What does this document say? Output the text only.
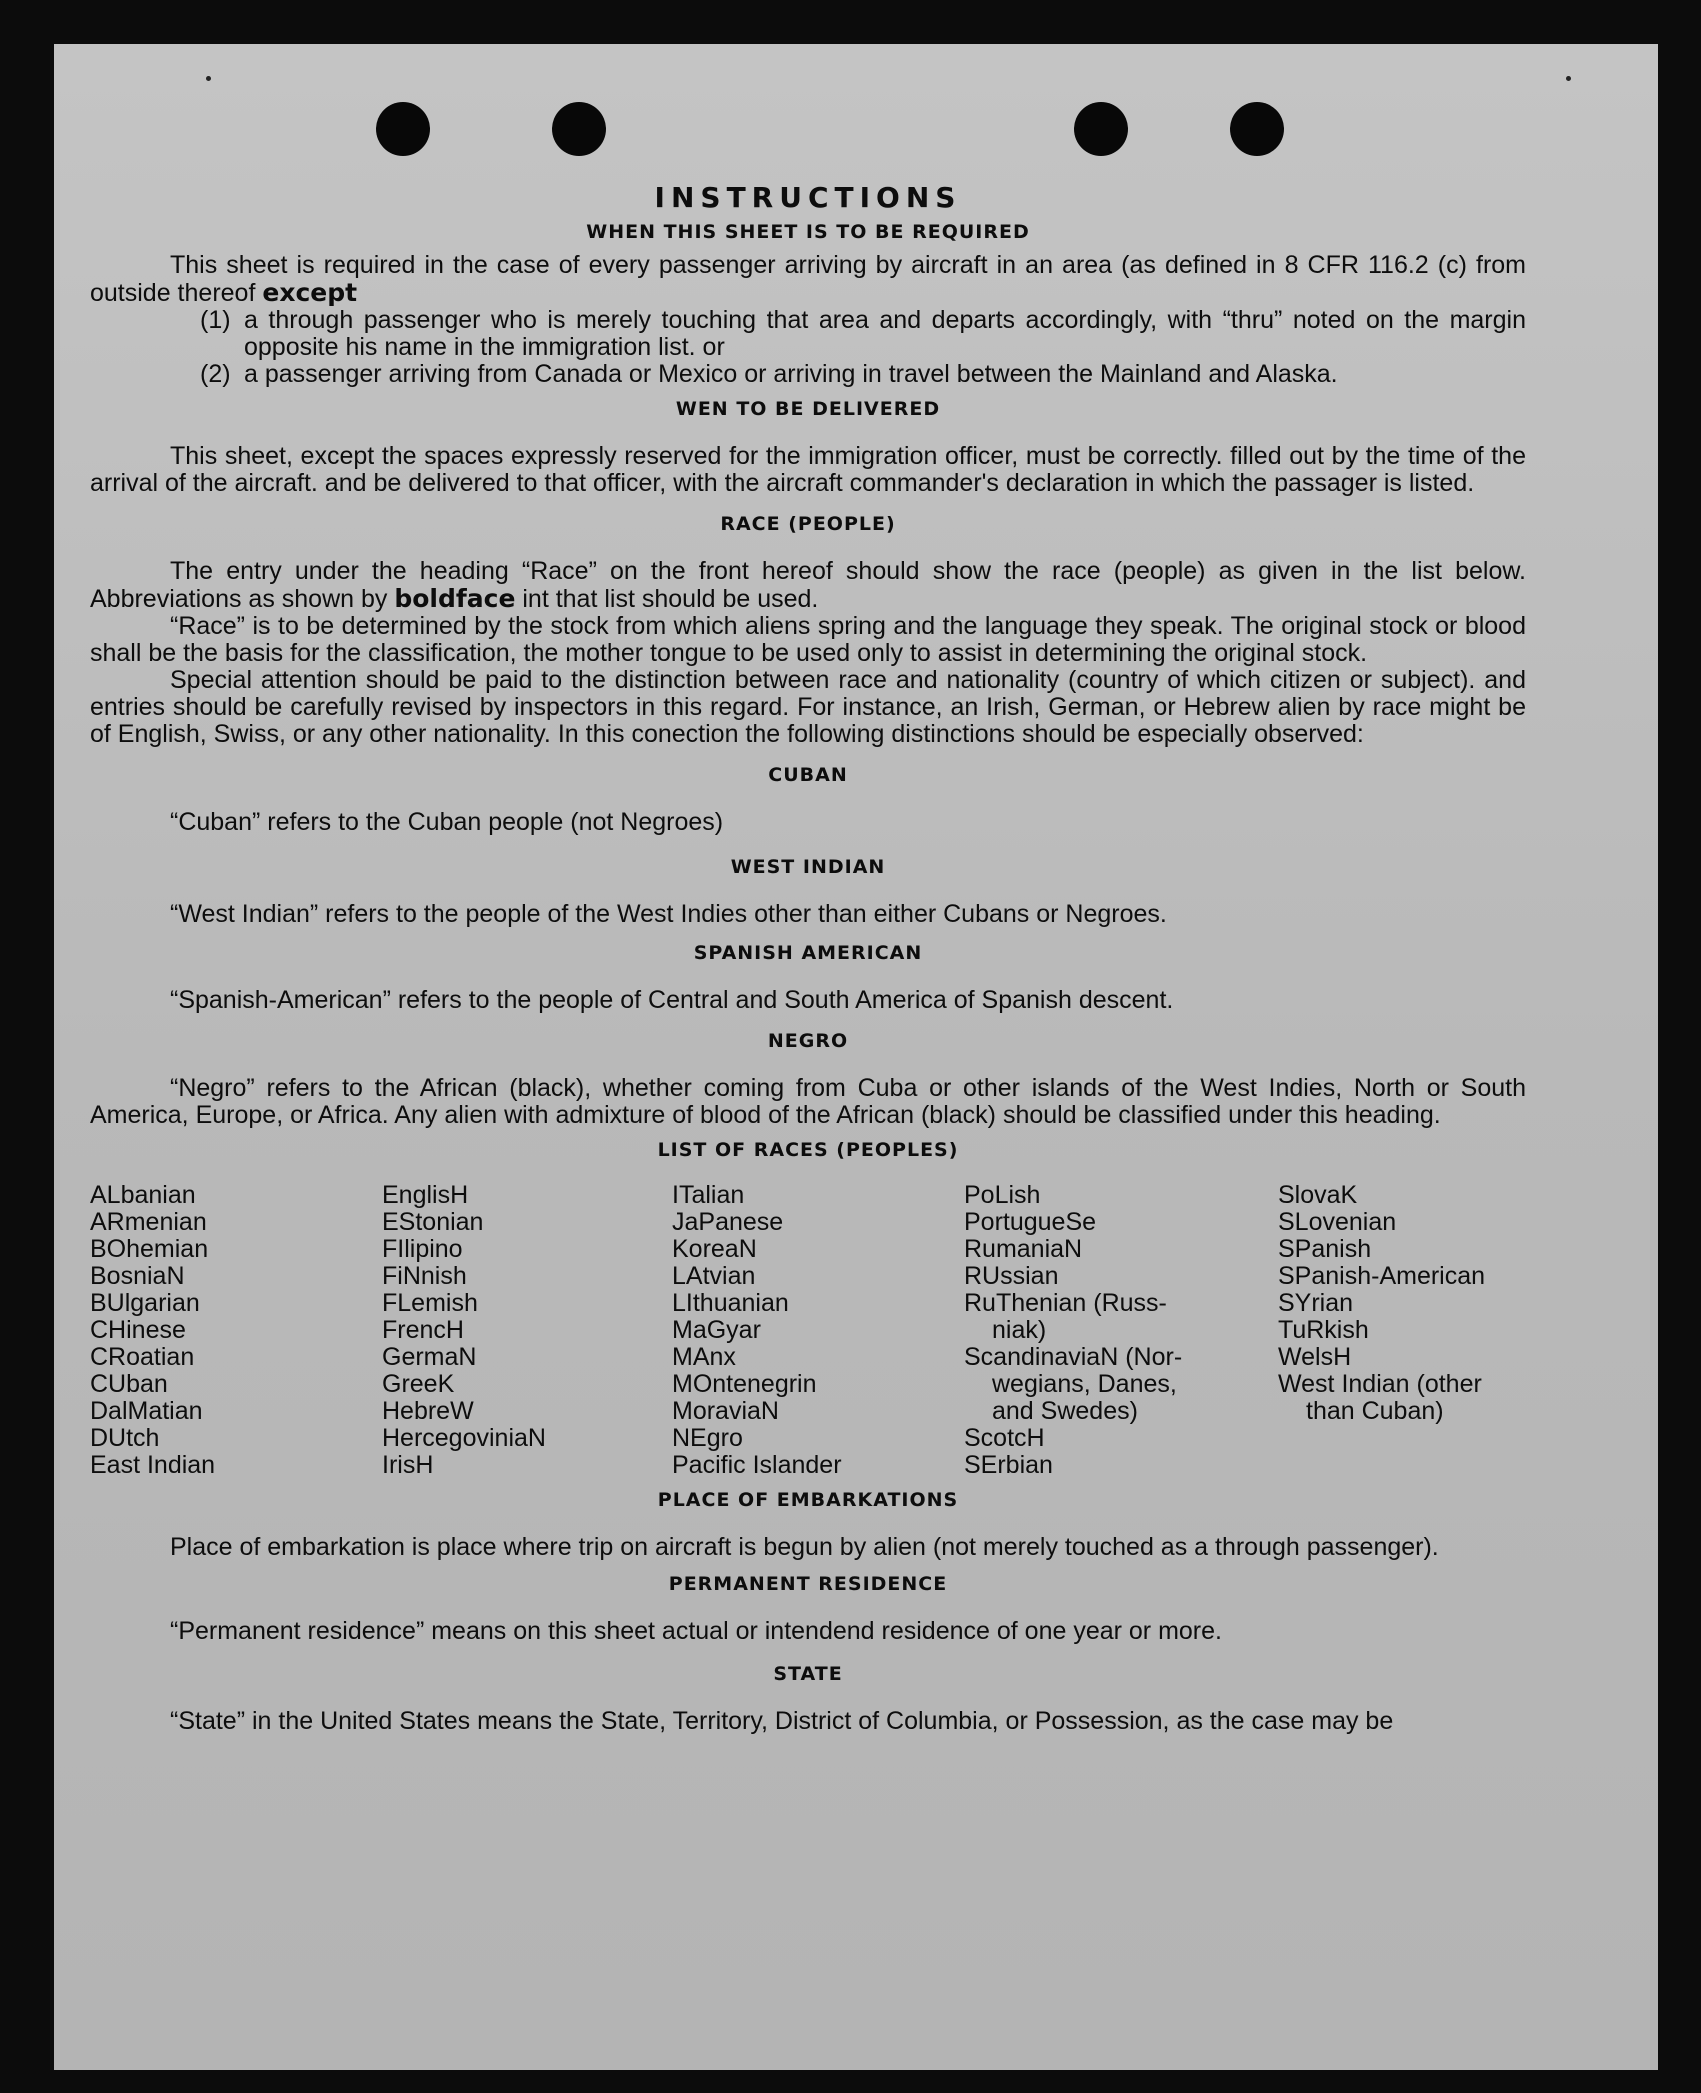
INSTRUCTIONS
WHEN THIS SHEET IS TO BE REQUIRED

This sheet is required in the case of every passenger arriving by aircraft in an area (as defined in 8 CFR 116.2 (c) from outside thereof except

(1) a through passenger who is merely touching that area and departs accordingly, with “thru” noted on the margin opposite his name in the immigration list. or
(2) a passenger arriving from Canada or Mexico or arriving in travel between the Mainland and Alaska.
WEN TO BE DELIVERED

This sheet, except the spaces expressly reserved for the immigration officer, must be correctly. filled out by the time of the arrival of the aircraft. and be delivered to that officer, with the aircraft commander's declaration in which the passager is listed.

RACE (PEOPLE)

The entry under the heading “Race” on the front hereof should show the race (people) as given in the list below. Abbreviations as shown by boldface int that list should be used.

“Race” is to be determined by the stock from which aliens spring and the language they speak. The original stock or blood shall be the basis for the classification, the mother tongue to be used only to assist in determining the original stock.

Special attention should be paid to the distinction between race and nationality (country of which citizen or subject). and entries should be carefully revised by inspectors in this regard. For instance, an Irish, German, or Hebrew alien by race might be of English, Swiss, or any other nationality. In this conection the following distinctions should be especially observed:

CUBAN

“Cuban” refers to the Cuban people (not Negroes)

WEST INDIAN

“West Indian” refers to the people of the West Indies other than either Cubans or Negroes.

SPANISH AMERICAN

“Spanish-American” refers to the people of Central and South America of Spanish descent.

NEGRO

“Negro” refers to the African (black), whether coming from Cuba or other islands of the West Indies, North or South America, Europe, or Africa. Any alien with admixture of blood of the African (black) should be classified under this heading.

LIST OF RACES (PEOPLES)
ALbanian
ARmenian
BOhemian
BosniaN
BUlgarian
CHinese
CRoatian
CUban
DalMatian
DUtch
East Indian
EnglisH
EStonian
FIlipino
FiNnish
FLemish
FrencH
GermaN
GreeK
HebreW
HercegoviniaN
IrisH
ITalian
JaPanese
KoreaN
LAtvian
LIthuanian
MaGyar
MAnx
MOntenegrin
MoraviaN
NEgro
Pacific Islander
PoLish
PortugueSe
RumaniaN
RUssian
RuThenian (Russ-
niak)
ScandinaviaN (Nor-
wegians, Danes,
and Swedes)
ScotcH
SErbian
SlovaK
SLovenian
SPanish
SPanish-American
SYrian
TuRkish
WelsH
West Indian (other
than Cuban)
PLACE OF EMBARKATIONS

Place of embarkation is place where trip on aircraft is begun by alien (not merely touched as a through passenger).

PERMANENT RESIDENCE

“Permanent residence” means on this sheet actual or intendend residence of one year or more.

STATE

“State” in the United States means the State, Territory, District of Columbia, or Possession, as the case may be
